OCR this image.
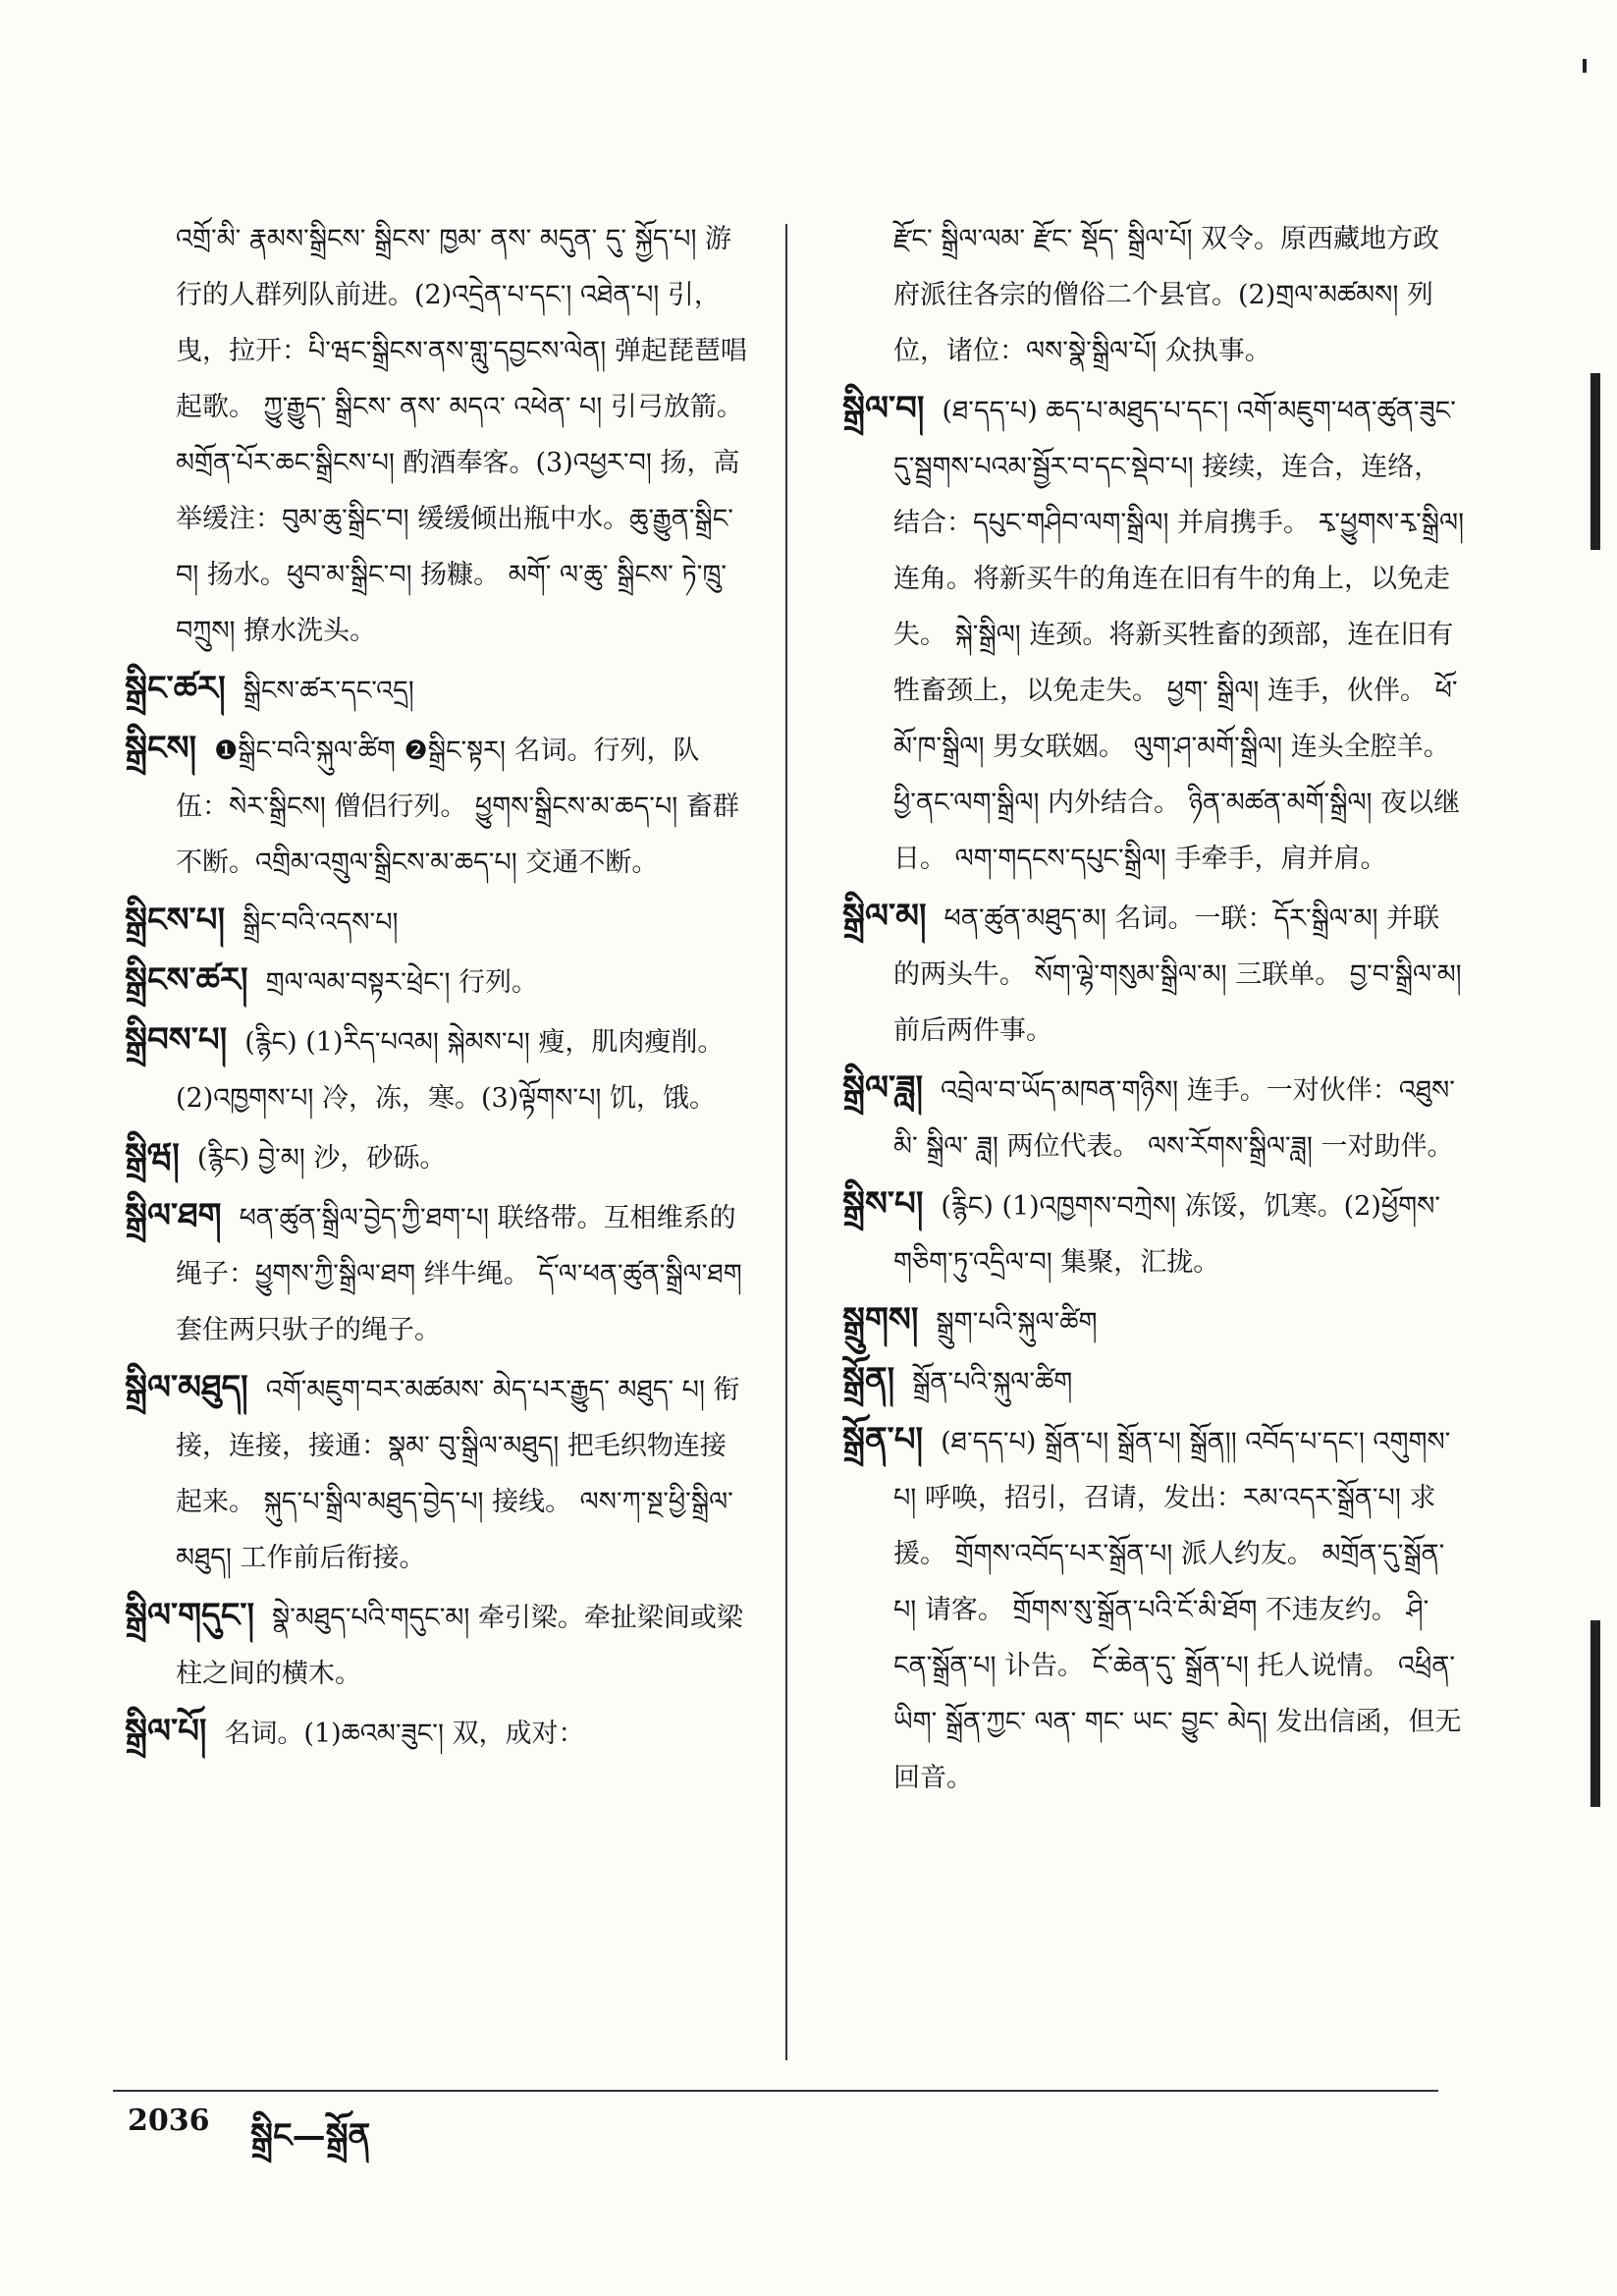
འགྲོ་མི་ རྣམས་སྒྲིངས་ སྒྲིངས་ ཁྱམ་ ནས་ མདུན་ དུ་ སྐྱོད་པ། 游行的人群列队前进。(2)འདྲེན་པ་དང་། འཐེན་པ། 引，曳，拉开：པི་ཝང་སྒྲིངས་ནས་གླུ་དབྱངས་ལེན། 弹起琵琶唱起歌。 ཀྱུ་རྒྱུད་ སྒྲིངས་ ནས་ མདའ་ འཕེན་ པ། 引弓放箭。 མགྲོན་པོར་ཆང་སྒྲིངས་པ། 酌酒奉客。(3)འཕྱར་བ། 扬，高举缓注：བུམ་ཆུ་སྒྲིང་བ། 缓缓倾出瓶中水。ཆུ་རྒྱུན་སྒྲིང་བ། 扬水。ཕུབ་མ་སྒྲིང་བ། 扬糠。 མགོ་ ལ་ཆུ་ སྒྲིངས་ ཏེ་ཁྲུ་ བཀྲུས། 撩水洗头。

སྒྲིང་ཚར། སྒྲིངས་ཚར་དང་འདྲ།

སྒྲིངས། ❶སྒྲིང་བའི་སྐུལ་ཚིག ❷སྒྲིང་སྟར། 名词。行列，队伍：སེར་སྒྲིངས། 僧侣行列。 ཕྱུགས་སྒྲིངས་མ་ཆད་པ། 畜群不断。འགྲིམ་འགྲུལ་སྒྲིངས་མ་ཆད་པ། 交通不断。

སྒྲིངས་པ། སྒྲིང་བའི་འདས་པ།

སྒྲིངས་ཚར། གྲལ་ལམ་བསྟར་ཕྲེང་། 行列。

སྒྲིབས་པ། (རྙིང) (1)རིད་པའམ། སྐེམས་པ། 瘦，肌肉瘦削。(2)འཁྱགས་པ། 冷，冻，寒。(3)ལྟོགས་པ། 饥，饿。

སྒྲིཝ། (རྙིང) བྱེ་མ། 沙，砂砾。

སྒྲིལ་ཐག ཕན་ཚུན་སྒྲིལ་བྱེད་ཀྱི་ཐག་པ། 联络带。互相维系的绳子：ཕྱུགས་ཀྱི་སྒྲིལ་ཐག 绊牛绳。 དོ་ལ་ཕན་ཚུན་སྒྲིལ་ཐག 套住两只驮子的绳子。

སྒྲིལ་མཐུད། འགོ་མཇུག་བར་མཚམས་ མེད་པར་རྒྱུད་ མཐུད་ པ། 衔接，连接，接通：སྣམ་ བུ་སྒྲིལ་མཐུད། 把毛织物连接起来。 སྐུད་པ་སྒྲིལ་མཐུད་བྱེད་པ། 接线。 ལས་ཀ་སྔ་ཕྱི་སྒྲིལ་མཐུད། 工作前后衔接。

སྒྲིལ་གདུང་། སྣེ་མཐུད་པའི་གདུང་མ། 牵引梁。牵扯梁间或梁柱之间的横木。

སྒྲིལ་པོ། 名词。(1)ཆའམ་ཟུང་། 双，成对：

རྫོང་ སྒྲིལ་ལམ་ རྫོང་ སྡོད་ སྒྲིལ་པོ། 双令。原西藏地方政府派往各宗的僧俗二个县官。(2)གྲལ་མཚམས། 列位，诸位：ལས་སྣེ་སྒྲིལ་པོ། 众执事。

སྒྲིལ་བ། (ཐ་དད་པ) ཆད་པ་མཐུད་པ་དང་། འགོ་མཇུག་ཕན་ཚུན་ཟུང་དུ་སྦྲགས་པའམ་སྦྱོར་བ་དང་སྡེབ་པ། 接续，连合，连络，结合：དཔུང་གཤིབ་ལག་སྒྲིལ། 并肩携手。 རྭ་ཕྱུགས་རྭ་སྒྲིལ། 连角。将新买牛的角连在旧有牛的角上，以免走失。 སྐེ་སྒྲིལ། 连颈。将新买牲畜的颈部，连在旧有牲畜颈上，以免走失。 ཕྱག་ སྒྲིལ། 连手，伙伴。 ཕོ་མོ་ཁ་སྒྲིལ། 男女联姻。 ལུག་ཤ་མགོ་སྒྲིལ། 连头全腔羊。 ཕྱི་ནང་ལག་སྒྲིལ། 内外结合。 ཉིན་མཚན་མགོ་སྒྲིལ། 夜以继日。 ལག་གདངས་དཔུང་སྒྲིལ། 手牵手，肩并肩。

སྒྲིལ་མ། ཕན་ཚུན་མཐུད་མ། 名词。一联：དོར་སྒྲིལ་མ། 并联的两头牛。 སོག་ལྷེ་གསུམ་སྒྲིལ་མ། 三联单。 བྱ་བ་སྒྲིལ་མ། 前后两件事。

སྒྲིལ་ཟླ། འབྲེལ་བ་ཡོད་མཁན་གཉིས། 连手。一对伙伴：འཐུས་ མི་ སྒྲིལ་ ཟླ། 两位代表。 ལས་རོགས་སྒྲིལ་ཟླ། 一对助伴。

སྒྲིས་པ། (རྙིང) (1)འཁྱགས་བཀྲེས། 冻馁，饥寒。(2)ཕྱོགས་གཅིག་ཏུ་འདྲིལ་བ། 集聚，汇拢。

སྒྲུགས། སྒྲུག་པའི་སྐུལ་ཚིག

སྒྲོན། སྒྲོན་པའི་སྐུལ་ཚིག

སྒྲོན་པ། (ཐ་དད་པ) སྒྲོན་པ། སྒྲོན་པ། སྒྲོན།། འབོད་པ་དང་། འགུགས་པ། 呼唤，招引，召请，发出：རམ་འདར་སྒྲོན་པ། 求援。 གྲོགས་འབོད་པར་སྒྲོན་པ། 派人约友。 མགྲོན་དུ་སྒྲོན་པ། 请客。 གྲོགས་སུ་སྒྲོན་པའི་ངོ་མི་ཐོག 不违友约。 ཤི་ངན་སྒྲོན་པ། 讣告。 ངོ་ཆེན་དུ་ སྒྲོན་པ། 托人说情。 འཕྲིན་ ཡིག་ སྒྲོན་ཀྱང་ ལན་ གང་ ཡང་ བྱུང་ མེད། 发出信函，但无回音。

2036 སྒྲིང—སྒྲོན
